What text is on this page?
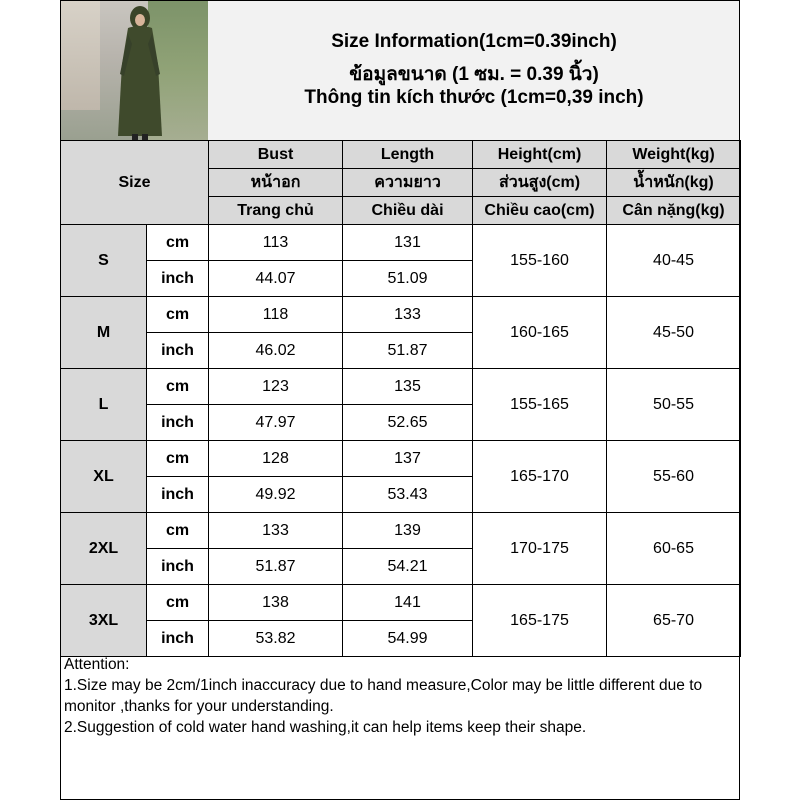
Size Information(1cm=0.39inch)
ข้อมูลขนาด (1 ซม. = 0.39 นิ้ว)
Thông tin kích thước (1cm=0,39 inch)
Size		Bust	Length	Height(cm)	Weight(kg)
		หน้าอก	ความยาว	ส่วนสูง(cm)	น้ำหนัก(kg)
		Trang chủ	Chiều dài	Chiều cao(cm)	Cân nặng(kg)
S	cm	113	131	155-160	40-45
	inch	44.07	51.09		
M	cm	118	133	160-165	45-50
	inch	46.02	51.87		
L	cm	123	135	155-165	50-55
	inch	47.97	52.65		
XL	cm	128	137	165-170	55-60
	inch	49.92	53.43		
2XL	cm	133	139	170-175	60-65
	inch	51.87	54.21		
3XL	cm	138	141	165-175	65-70
	inch	53.82	54.99		

Attention:

1.Size may be 2cm/1inch inaccuracy due to hand measure,Color may be little different due to monitor ,thanks for your understanding.

2.Suggestion of cold water hand washing,it can help items keep their shape.
